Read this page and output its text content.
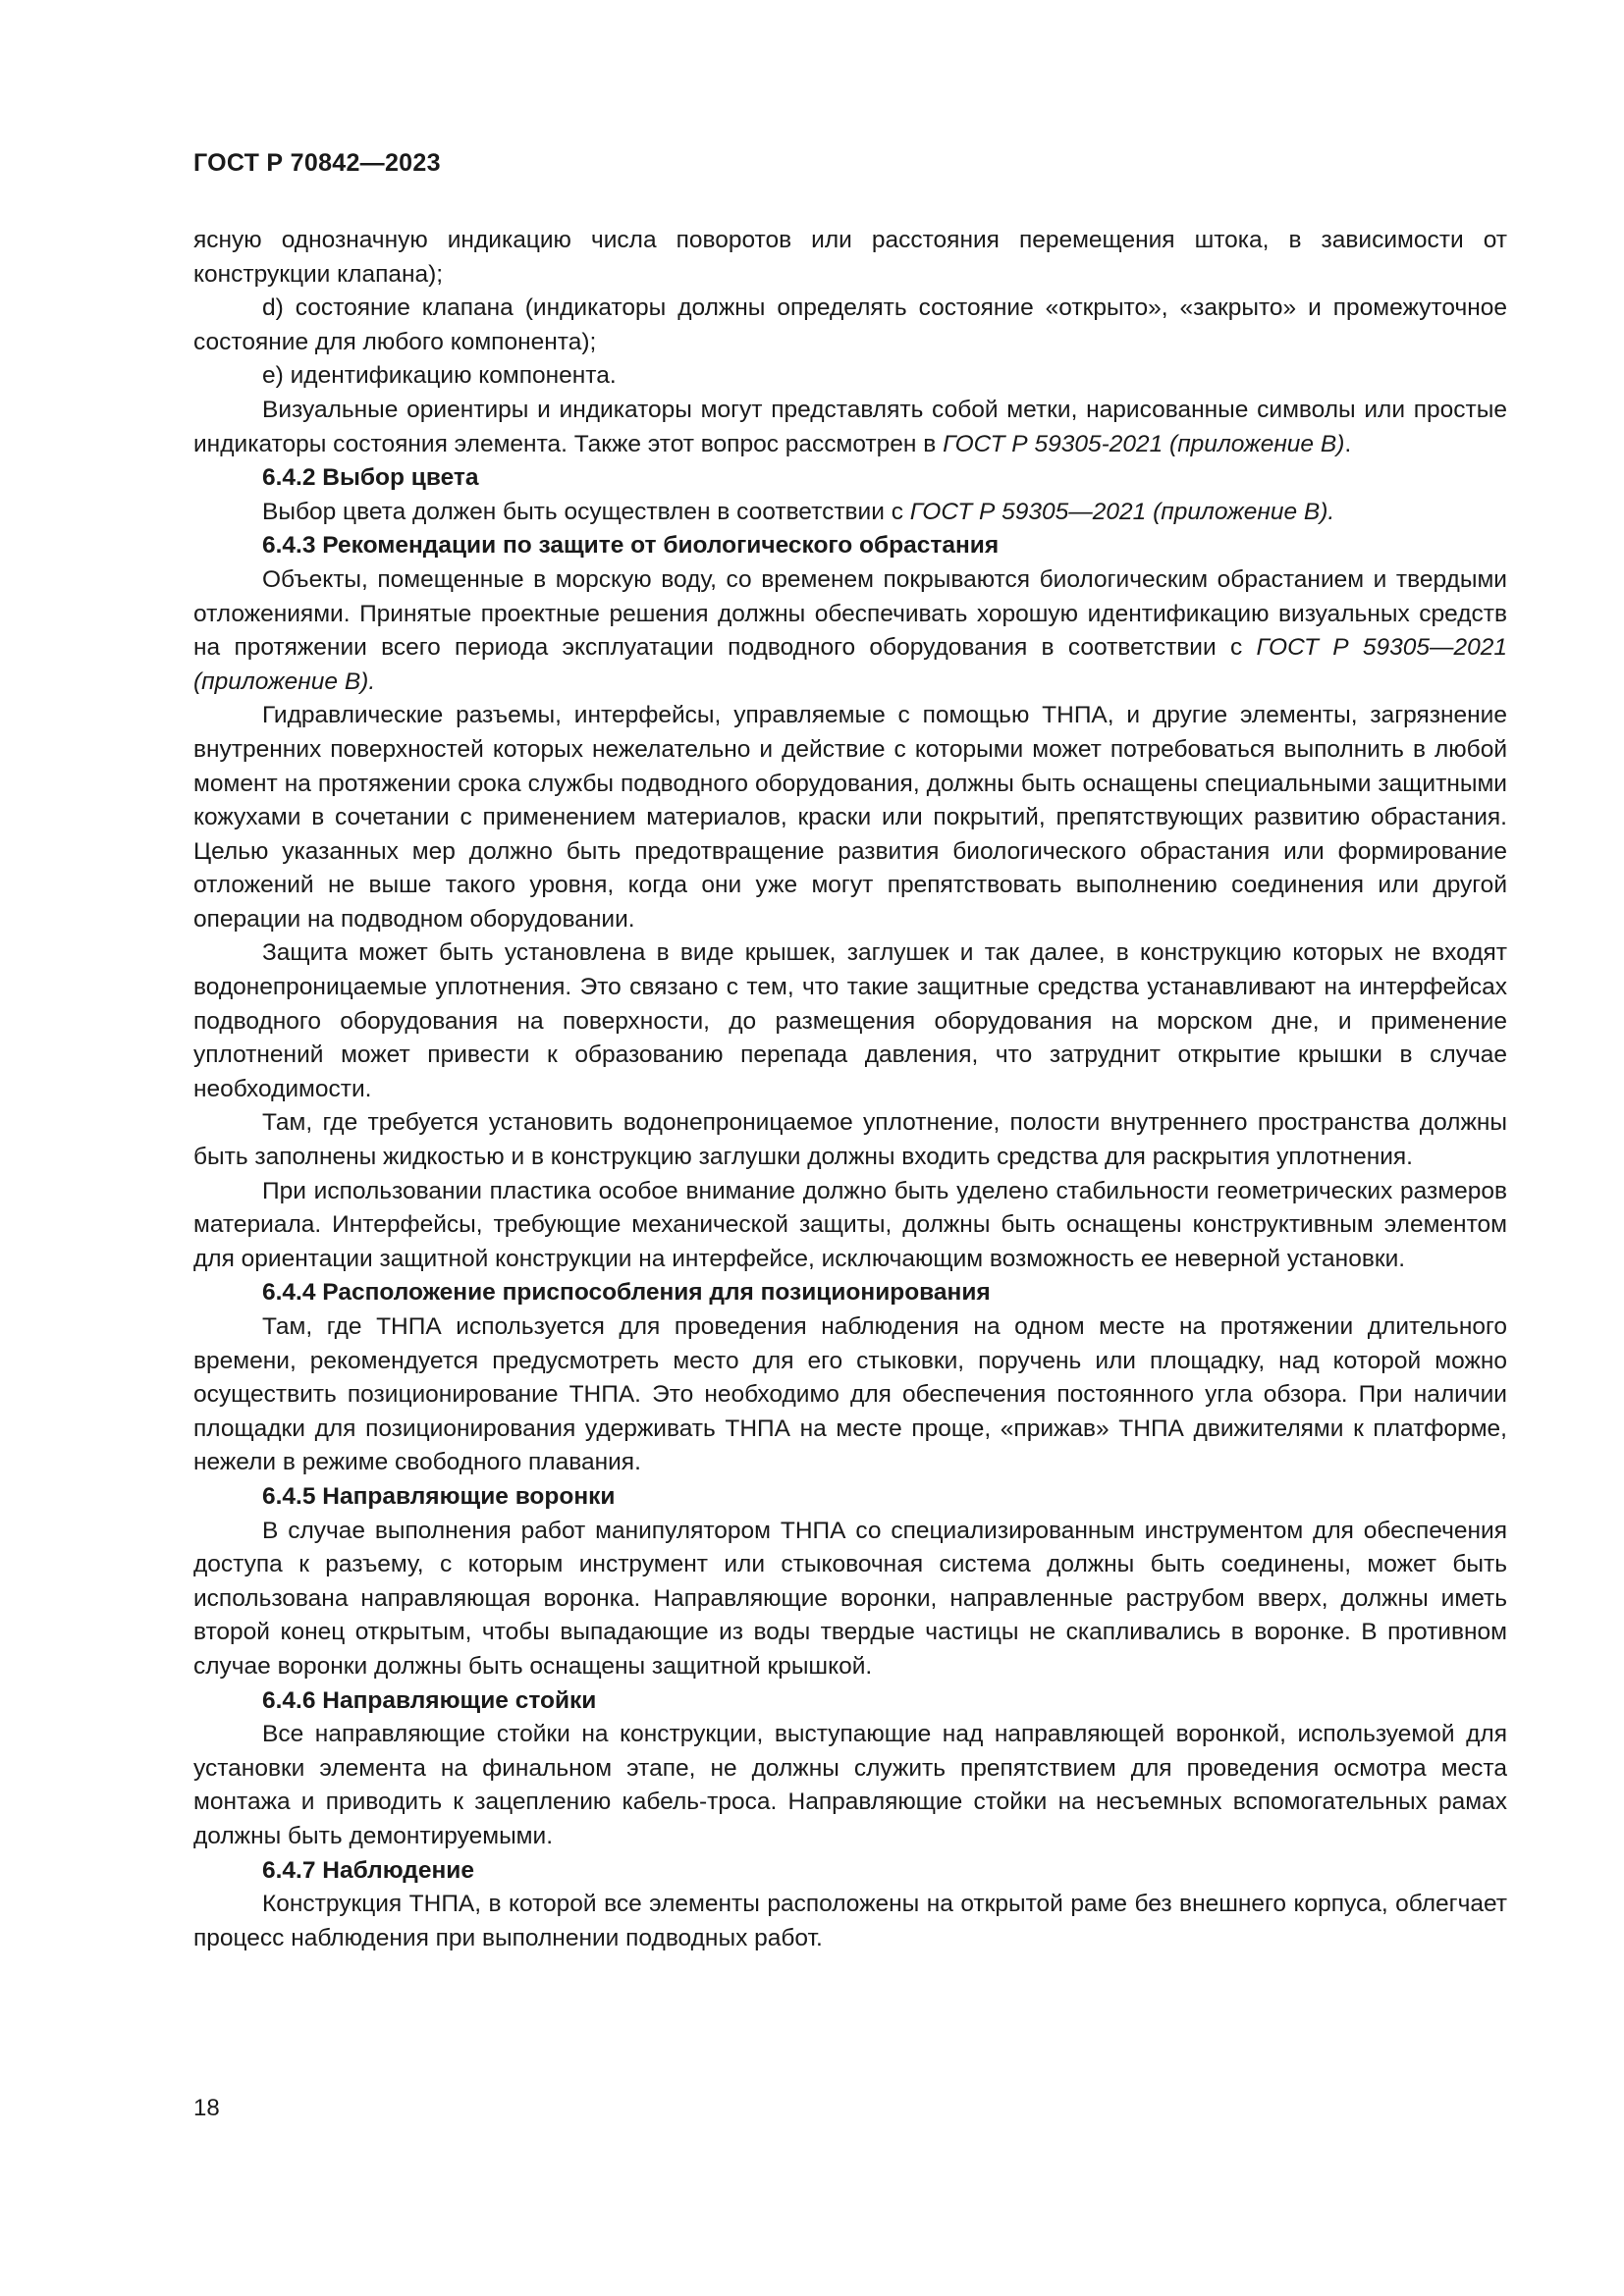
ГОСТ Р 70842—2023

ясную однозначную индикацию числа поворотов или расстояния перемещения штока, в зависимости от конструкции клапана);

d) состояние клапана (индикаторы должны определять состояние «открыто», «закрыто» и промежуточное состояние для любого компонента);

e) идентификацию компонента.

Визуальные ориентиры и индикаторы могут представлять собой метки, нарисованные символы или простые индикаторы состояния элемента. Также этот вопрос рассмотрен в ГОСТ Р 59305-2021 (приложение В).

6.4.2 Выбор цвета

Выбор цвета должен быть осуществлен в соответствии с ГОСТ Р 59305—2021 (приложение В).

6.4.3 Рекомендации по защите от биологического обрастания

Объекты, помещенные в морскую воду, со временем покрываются биологическим обрастанием и твердыми отложениями. Принятые проектные решения должны обеспечивать хорошую идентификацию визуальных средств на протяжении всего периода эксплуатации подводного оборудования в соответствии с ГОСТ Р 59305—2021 (приложение В).

Гидравлические разъемы, интерфейсы, управляемые с помощью ТНПА, и другие элементы, загрязнение внутренних поверхностей которых нежелательно и действие с которыми может потребоваться выполнить в любой момент на протяжении срока службы подводного оборудования, должны быть оснащены специальными защитными кожухами в сочетании с применением материалов, краски или покрытий, препятствующих развитию обрастания. Целью указанных мер должно быть предотвращение развития биологического обрастания или формирование отложений не выше такого уровня, когда они уже могут препятствовать выполнению соединения или другой операции на подводном оборудовании.

Защита может быть установлена в виде крышек, заглушек и так далее, в конструкцию которых не входят водонепроницаемые уплотнения. Это связано с тем, что такие защитные средства устанавливают на интерфейсах подводного оборудования на поверхности, до размещения оборудования на морском дне, и применение уплотнений может привести к образованию перепада давления, что затруднит открытие крышки в случае необходимости.

Там, где требуется установить водонепроницаемое уплотнение, полости внутреннего пространства должны быть заполнены жидкостью и в конструкцию заглушки должны входить средства для раскрытия уплотнения.

При использовании пластика особое внимание должно быть уделено стабильности геометрических размеров материала. Интерфейсы, требующие механической защиты, должны быть оснащены конструктивным элементом для ориентации защитной конструкции на интерфейсе, исключающим возможность ее неверной установки.

6.4.4 Расположение приспособления для позиционирования

Там, где ТНПА используется для проведения наблюдения на одном месте на протяжении длительного времени, рекомендуется предусмотреть место для его стыковки, поручень или площадку, над которой можно осуществить позиционирование ТНПА. Это необходимо для обеспечения постоянного угла обзора. При наличии площадки для позиционирования удерживать ТНПА на месте проще, «прижав» ТНПА движителями к платформе, нежели в режиме свободного плавания.

6.4.5 Направляющие воронки

В случае выполнения работ манипулятором ТНПА со специализированным инструментом для обеспечения доступа к разъему, с которым инструмент или стыковочная система должны быть соединены, может быть использована направляющая воронка. Направляющие воронки, направленные раструбом вверх, должны иметь второй конец открытым, чтобы выпадающие из воды твердые частицы не скапливались в воронке. В противном случае воронки должны быть оснащены защитной крышкой.

6.4.6 Направляющие стойки

Все направляющие стойки на конструкции, выступающие над направляющей воронкой, используемой для установки элемента на финальном этапе, не должны служить препятствием для проведения осмотра места монтажа и приводить к зацеплению кабель-троса. Направляющие стойки на несъемных вспомогательных рамах должны быть демонтируемыми.

6.4.7 Наблюдение

Конструкция ТНПА, в которой все элементы расположены на открытой раме без внешнего корпуса, облегчает процесс наблюдения при выполнении подводных работ.

18
